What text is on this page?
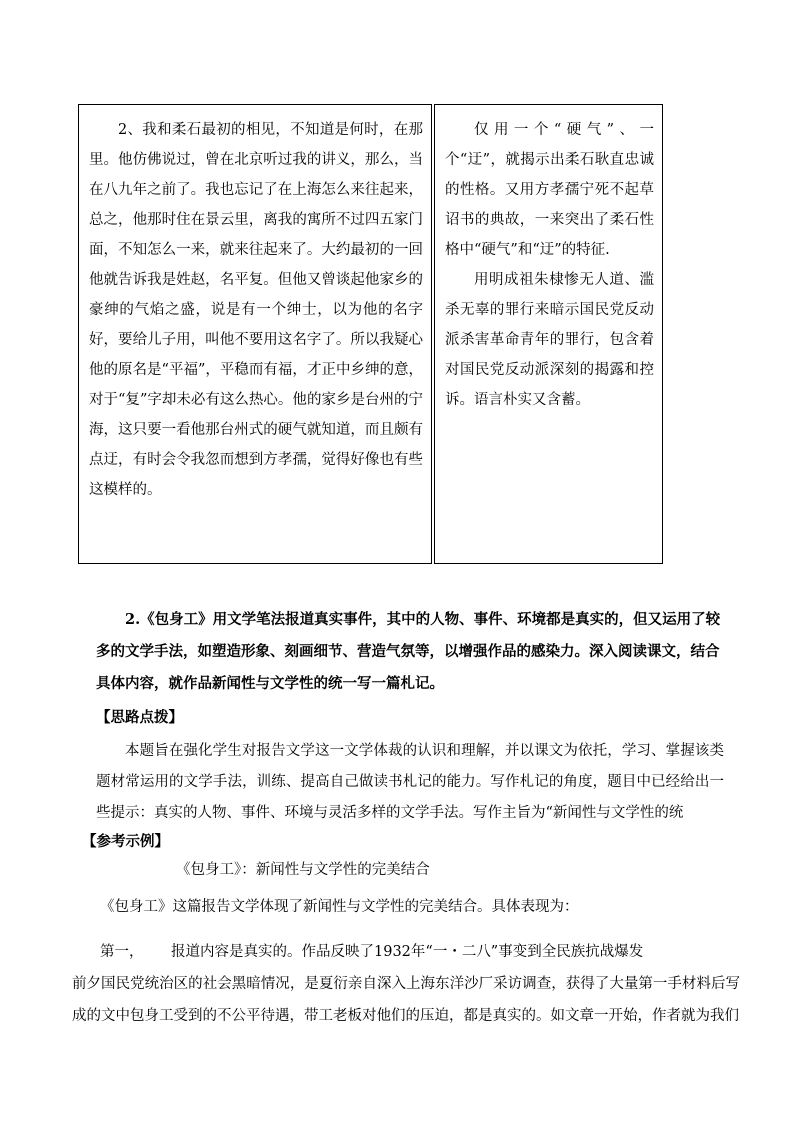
2、我和柔石最初的相见，不知道是何时，在那里。他仿佛说过，曾在北京听过我的讲义，那么，当在八九年之前了。我也忘记了在上海怎么来往起来，总之，他那时住在景云里，离我的寓所不过四五家门面，不知怎么一来，就来往起来了。大约最初的一回他就告诉我是姓赵，名平复。但他又曾谈起他家乡的豪绅的气焰之盛，说是有一个绅士，以为他的名字好，要给儿子用，叫他不要用这名字了。所以我疑心他的原名是“平福”，平稳而有福，才正中乡绅的意，对于“复”字却未必有这么热心。他的家乡是台州的宁海，这只要一看他那台州式的硬气就知道，而且颇有点迂，有时会令我忽而想到方孝孺，觉得好像也有些这模样的。

仅用一个“硬气”、一个“迂”，就揭示出柔石耿直忠诚的性格。又用方孝孺宁死不起草诏书的典故，一来突出了柔石性格中“硬气”和“迂”的特征.

用明成祖朱棣惨无人道、滥杀无辜的罪行来暗示国民党反动派杀害革命青年的罪行，包含着对国民党反动派深刻的揭露和控诉。语言朴实又含蓄。

2.《包身工》用文学笔法报道真实事件，其中的人物、事件、环境都是真实的，但又运用了较多的文学手法，如塑造形象、刻画细节、营造气氛等，以增强作品的感染力。深入阅读课文，结合具体内容，就作品新闻性与文学性的统一写一篇札记。

【思路点拨】

本题旨在强化学生对报告文学这一文学体裁的认识和理解，并以课文为依托，学习、掌握该类题材常运用的文学手法，训练、提高自己做读书札记的能力。写作札记的角度，题目中已经给出一些提示：真实的人物、事件、环境与灵活多样的文学手法。写作主旨为“新闻性与文学性的统

【参考示例】

《包身工》：新闻性与文学性的完美结合

《包身工》这篇报告文学体现了新闻性与文学性的完美结合。具体表现为：

第一， 报道内容是真实的。作品反映了1932年“一・二八”事变到全民族抗战爆发

前夕国民党统治区的社会黑暗情况，是夏衍亲自深入上海东洋沙厂采访调查，获得了大量第一手材料后写成的文中包身工受到的不公平待遇，带工老板对他们的压迫，都是真实的。如文章一开始，作者就为我们
